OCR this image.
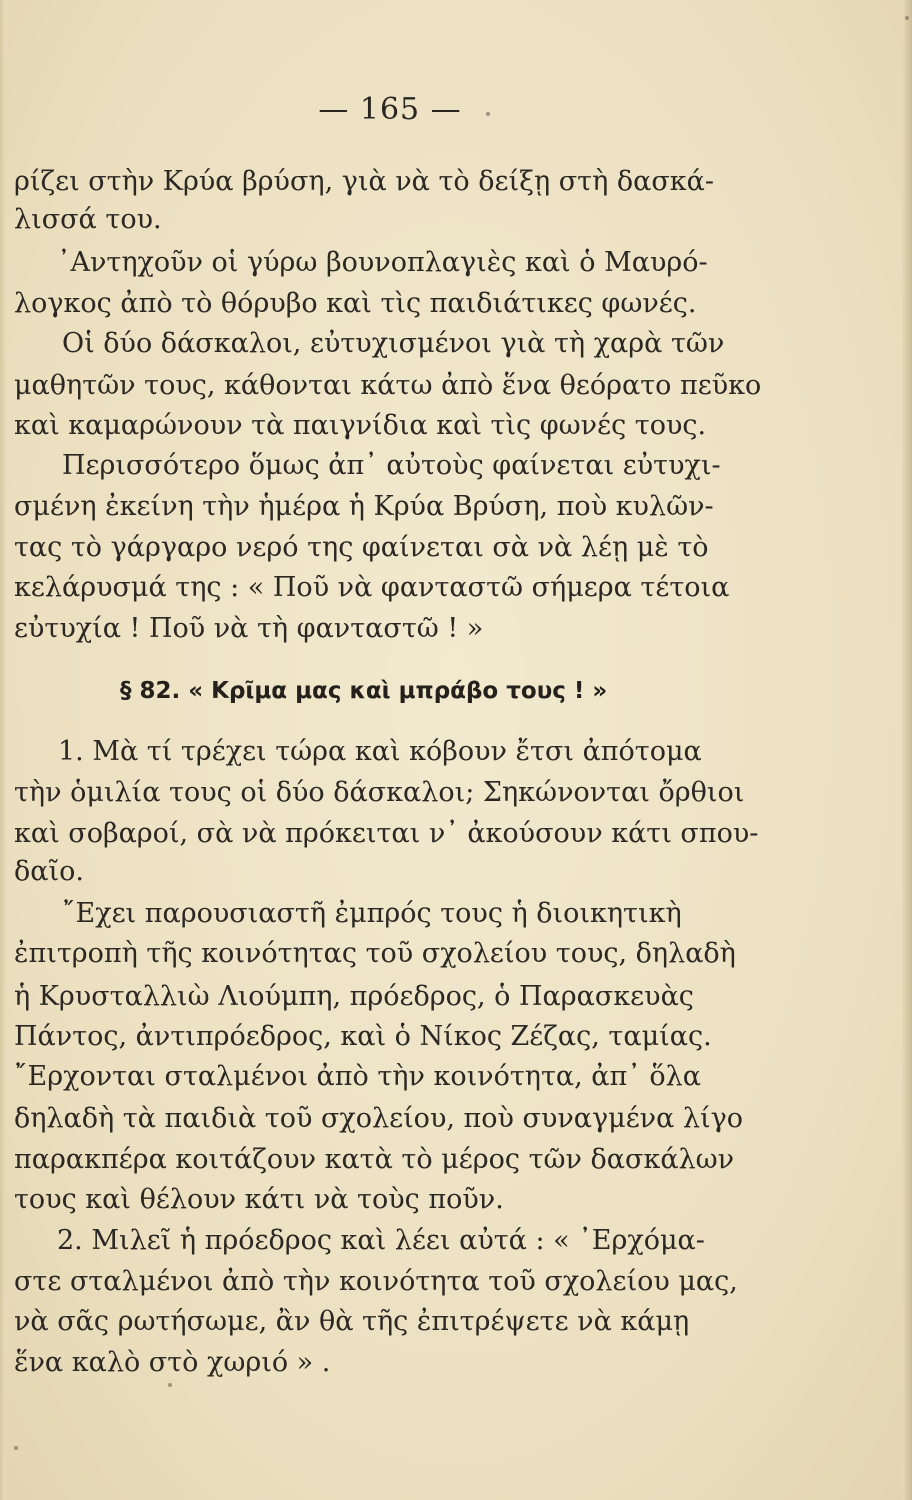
— 165 —
ρίζει στὴν Κρύα βρύση, γιὰ νὰ τὸ δείξῃ στὴ δασκά-
λισσά του.
᾿Αντηχοῦν οἱ γύρω βουνοπλαγιὲς καὶ ὁ Μαυρό-
λογκος ἀπὸ τὸ θόρυβο καὶ τὶς παιδιάτικες φωνές.
Οἱ δύο δάσκαλοι, εὐτυχισμένοι γιὰ τὴ χαρὰ τῶν
μαθητῶν τους, κάθονται κάτω ἀπὸ ἕνα θεόρατο πεῦκο
καὶ καμαρώνουν τὰ παιγνίδια καὶ τὶς φωνές τους.
Περισσότερο ὅμως ἀπ᾿ αὐτοὺς φαίνεται εὐτυχι-
σμένη ἐκείνη τὴν ἡμέρα ἡ Κρύα Βρύση, ποὺ κυλῶν-
τας τὸ γάργαρο νερό της φαίνεται σὰ νὰ λέῃ μὲ τὸ
κελάρυσμά της : « Ποῦ νὰ φανταστῶ σήμερα τέτοια
εὐτυχία ! Ποῦ νὰ τὴ φανταστῶ ! »
§ 82. « Κρῖμα μας καὶ μπράβο τους ! »
1. Μὰ τί τρέχει τώρα καὶ κόβουν ἔτσι ἀπότομα
τὴν ὁμιλία τους οἱ δύο δάσκαλοι; Σηκώνονται ὄρθιοι
καὶ σοβαροί, σὰ νὰ πρόκειται ν᾿ ἀκούσουν κάτι σπου-
δαῖο.
῎Εχει παρουσιαστῆ ἐμπρός τους ἡ διοικητικὴ
ἐπιτροπὴ τῆς κοινότητας τοῦ σχολείου τους, δηλαδὴ
ἡ Κρυσταλλιὼ Λιούμπη, πρόεδρος, ὁ Παρασκευὰς
Πάντος, ἀντιπρόεδρος, καὶ ὁ Νίκος Ζέζας, ταμίας.
῎Ερχονται σταλμένοι ἀπὸ τὴν κοινότητα, ἀπ᾿ ὅλα
δηλαδὴ τὰ παιδιὰ τοῦ σχολείου, ποὺ συναγμένα λίγο
παρακπέρα κοιτάζουν κατὰ τὸ μέρος τῶν δασκάλων
τους καὶ θέλουν κάτι νὰ τοὺς ποῦν.
2. Μιλεῖ ἡ πρόεδρος καὶ λέει αὐτά : « ᾿Ερχόμα-
στε σταλμένοι ἀπὸ τὴν κοινότητα τοῦ σχολείου μας,
νὰ σᾶς ρωτήσωμε, ἂν θὰ τῆς ἐπιτρέψετε νὰ κάμῃ
ἕνα καλὸ στὸ χωριό » .
